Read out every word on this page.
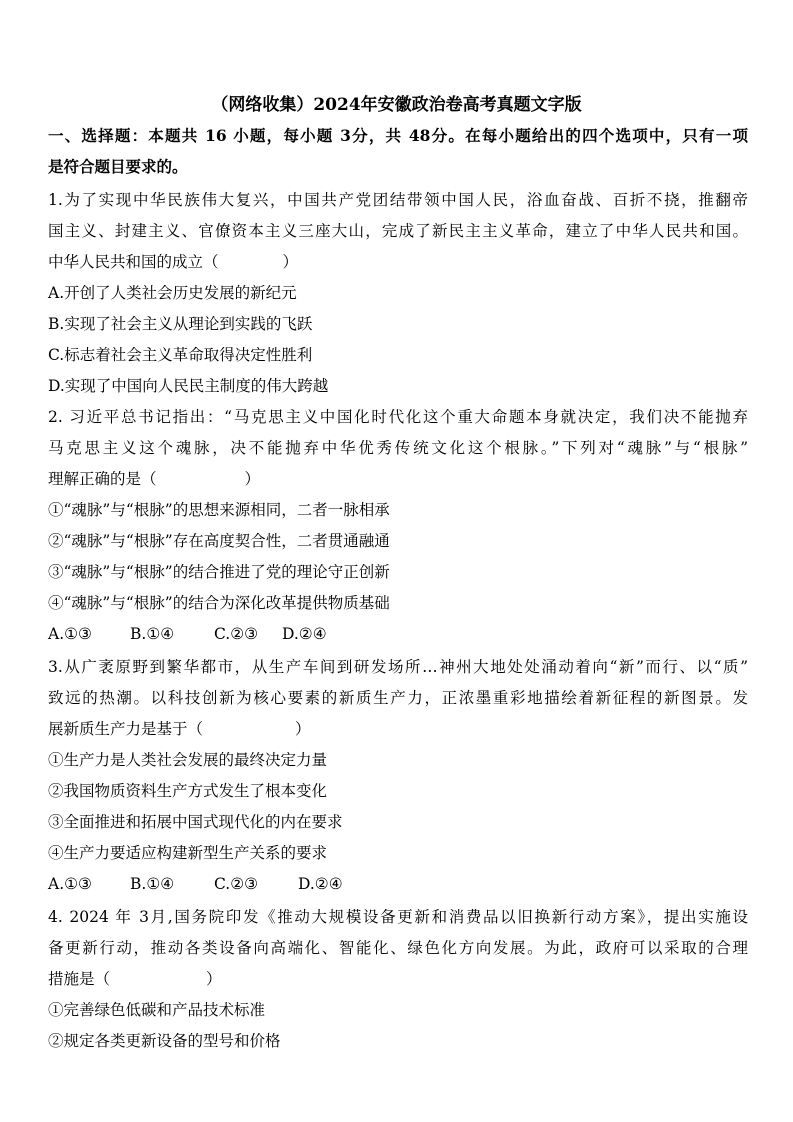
（网络收集）2024年安徽政治卷高考真题文字版
一、选择题：本题共 16 小题，每小题 3分，共 48分。在每小题给出的四个选项中，只有一项
是符合题目要求的。
1.为了实现中华民族伟大复兴，中国共产党团结带领中国人民，浴血奋战、百折不挠，推翻帝
国主义、封建主义、官僚资本主义三座大山，完成了新民主主义革命，建立了中华人民共和国。
中华人民共和国的成立（	）
A.开创了人类社会历史发展的新纪元
B.实现了社会主义从理论到实践的飞跃
C.标志着社会主义革命取得决定性胜利
D.实现了中国向人民民主制度的伟大跨越
2. 习近平总书记指出：“马克思主义中国化时代化这个重大命题本身就决定，我们决不能抛弃
马克思主义这个魂脉，决不能抛弃中华优秀传统文化这个根脉。”下列对“魂脉”与“根脉”
理解正确的是（	）
①“魂脉”与“根脉”的思想来源相同，二者一脉相承
②“魂脉”与“根脉”存在高度契合性，二者贯通融通
③“魂脉”与“根脉”的结合推进了党的理论守正创新
④“魂脉”与“根脉”的结合为深化改革提供物质基础
A.①③ B.①④	C.②③ D.②④
3.从广袤原野到繁华都市，从生产车间到研发场所…神州大地处处涌动着向“新”而行、以“质”
致远的热潮。以科技创新为核心要素的新质生产力，正浓墨重彩地描绘着新征程的新图景。发
展新质生产力是基于（	）
①生产力是人类社会发展的最终决定力量
②我国物质资料生产方式发生了根本变化
③全面推进和拓展中国式现代化的内在要求
④生产力要适应构建新型生产关系的要求
A.①③ B.①④	C.②③	D.②④
4. 2024 年 3月,国务院印发《推动大规模设备更新和消费品以旧换新行动方案》，提出实施设
备更新行动，推动各类设备向高端化、智能化、绿色化方向发展。为此，政府可以采取的合理
措施是（	）
①完善绿色低碳和产品技术标准
②规定各类更新设备的型号和价格
